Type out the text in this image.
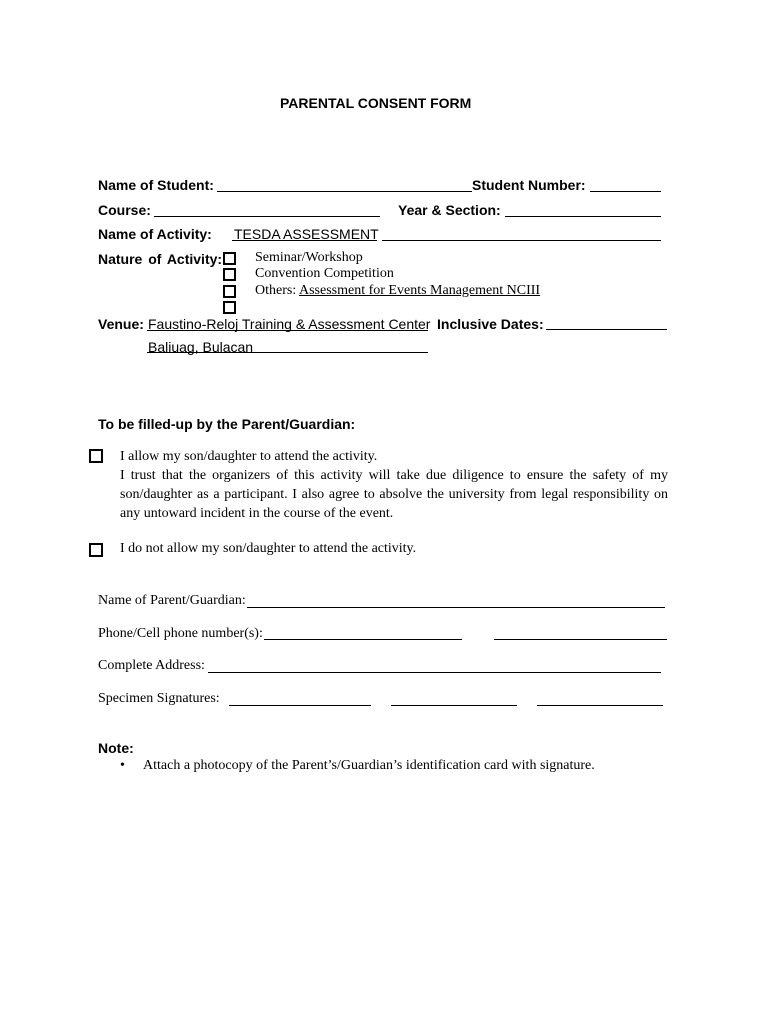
PARENTAL CONSENT FORM
Name of Student:	Student Number:
Course:	Year & Section:
Name of Activity: TESDA ASSESSMENT
Nature of Activity: Seminar/Workshop
Convention Competition
Others: Assessment for Events Management NCIII
Venue: Faustino-Reloj Training & Assessment Center Inclusive Dates:
Baliuag, Bulacan
To be filled-up by the Parent/Guardian:
I allow my son/daughter to attend the activity.
I trust that the organizers of this activity will take due diligence to ensure the safety of my
son/daughter as a participant. I also agree to absolve the university from legal responsibility on
any untoward incident in the course of the event.
I do not allow my son/daughter to attend the activity.
Name of Parent/Guardian:
Phone/Cell phone number(s):
Complete Address:
Specimen Signatures:
Note:
• Attach a photocopy of the Parent’s/Guardian’s identification card with signature.
